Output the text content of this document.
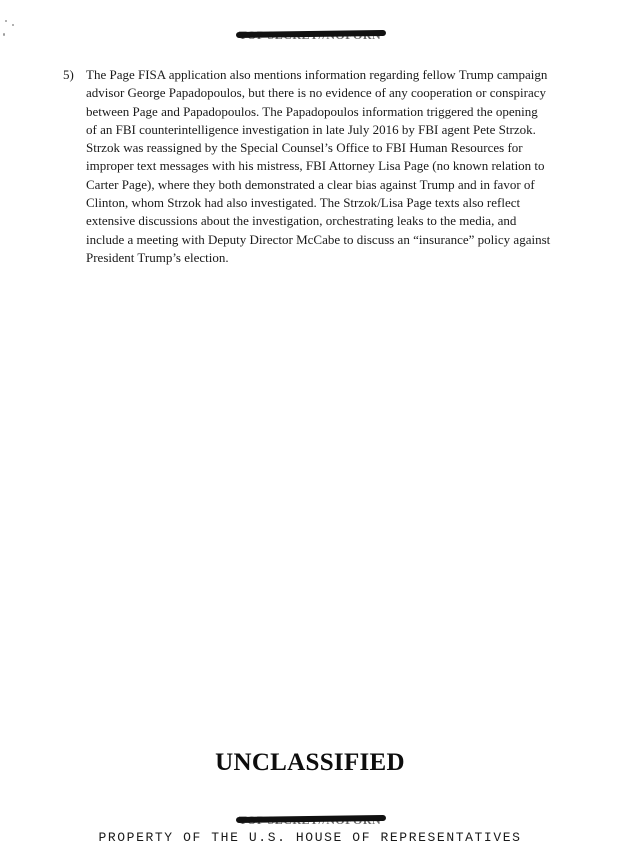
5) The Page FISA application also mentions information regarding fellow Trump campaign
advisor George Papadopoulos, but there is no evidence of any cooperation or conspiracy
between Page and Papadopoulos. The Papadopoulos information triggered the opening
of an FBI counterintelligence investigation in late July 2016 by FBI agent Pete Strzok.
Strzok was reassigned by the Special Counsel’s Office to FBI Human Resources for
improper text messages with his mistress, FBI Attorney Lisa Page (no known relation to
Carter Page), where they both demonstrated a clear bias against Trump and in favor of
Clinton, whom Strzok had also investigated. The Strzok/Lisa Page texts also reflect
extensive discussions about the investigation, orchestrating leaks to the media, and
include a meeting with Deputy Director McCabe to discuss an “insurance” policy against
President Trump’s election.
UNCLASSIFIED
PROPERTY OF THE U.S. HOUSE OF REPRESENTATIVES
